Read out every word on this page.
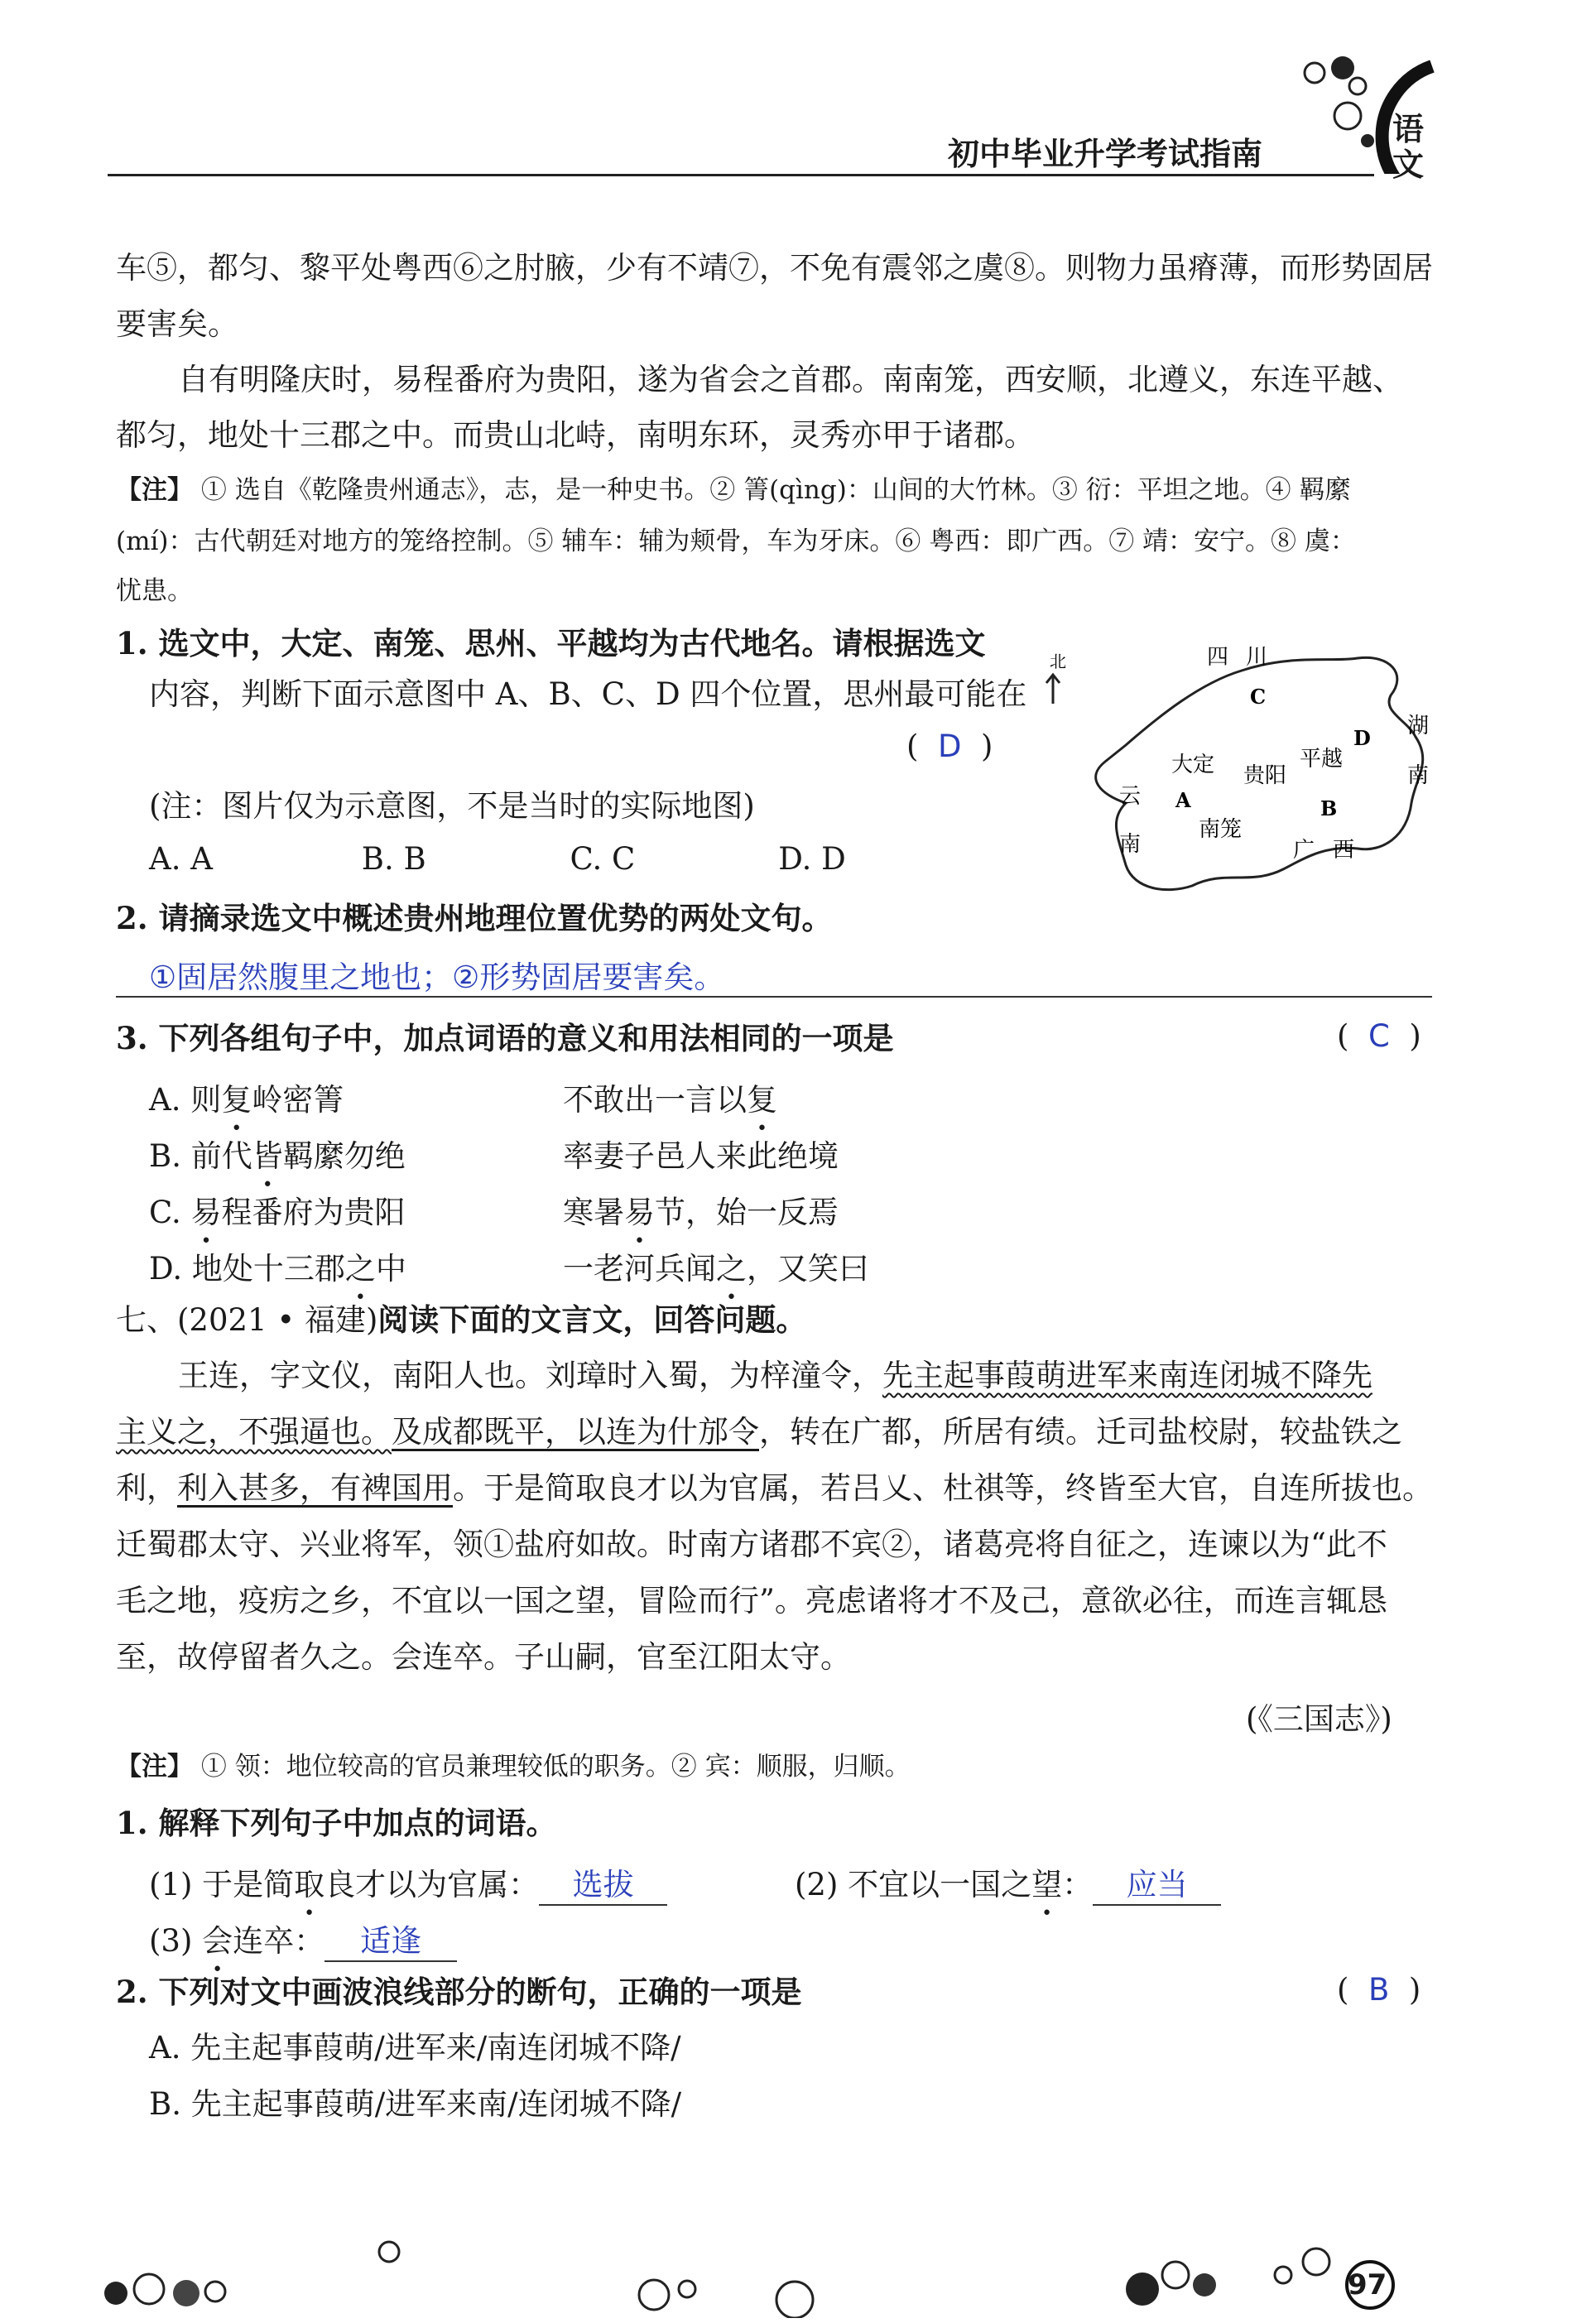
初中毕业升学考试指南
语
文
车⑤，都匀、黎平处粤西⑥之肘腋，少有不靖⑦，不免有震邻之虞⑧。则物力虽瘠薄，而形势固居
要害矣。
自有明隆庆时，易程番府为贵阳，遂为省会之首郡。南南笼，西安顺，北遵义，东连平越、
都匀，地处十三郡之中。而贵山北峙，南明东环，灵秀亦甲于诸郡。
【注】 ① 选自《乾隆贵州通志》，志，是一种史书。② 箐(qìng)：山间的大竹林。③ 衍：平坦之地。④ 羁縻
(mí)：古代朝廷对地方的笼络控制。⑤ 辅车：辅为颊骨，车为牙床。⑥ 粤西：即广西。⑦ 靖：安宁。⑧ 虞：
忧患。
1. 选文中，大定、南笼、思州、平越均为古代地名。请根据选文
内容，判断下面示意图中 A、B、C、D 四个位置，思州最可能在
(  D  )
(注：图片仅为示意图，不是当时的实际地图)
A. A	B. B	C. C	D. D
北	四 川
湖
南
云
南	广 西
大定 贵阳
平越
南笼
A	B
C
D
2. 请摘录选文中概述贵州地理位置优势的两处文句。
①固居然腹里之地也；②形势固居要害矣。
3. 下列各组句子中，加点词语的意义和用法相同的一项是	(  C  )
A. 则复岭密箐	不敢出一言以复
B. 前代皆羁縻勿绝	率妻子邑人来此绝境
C. 易程番府为贵阳	寒暑易节，始一反焉
D. 地处十三郡之中	一老河兵闻之，又笑曰
七、(2021 • 福建)阅读下面的文言文，回答问题。
王连，字文仪，南阳人也。刘璋时入蜀，为梓潼令，先主起事葭萌进军来南连闭城不降先
主义之，不强逼也。及成都既平，以连为什邡令，转在广都，所居有绩。迁司盐校尉，较盐铁之
利，利入甚多，有裨国用。于是简取良才以为官属，若吕乂、杜祺等，终皆至大官，自连所拔也。
迁蜀郡太守、兴业将军，领①盐府如故。时南方诸郡不宾②，诸葛亮将自征之，连谏以为“此不
毛之地，疫疠之乡，不宜以一国之望，冒险而行”。亮虑诸将才不及己，意欲必往，而连言辄恳
至，故停留者久之。会连卒。子山嗣，官至江阳太守。
(《三国志》)
【注】 ① 领：地位较高的官员兼理较低的职务。② 宾：顺服，归顺。
1. 解释下列句子中加点的词语。
(1) 于是简取良才以为官属： 选拔	(2) 不宜以一国之望： 应当
(3) 会连卒： 适逢
2. 下列对文中画波浪线部分的断句，正确的一项是	(  B  )
A. 先主起事葭萌/进军来/南连闭城不降/
B. 先主起事葭萌/进军来南/连闭城不降/
97
